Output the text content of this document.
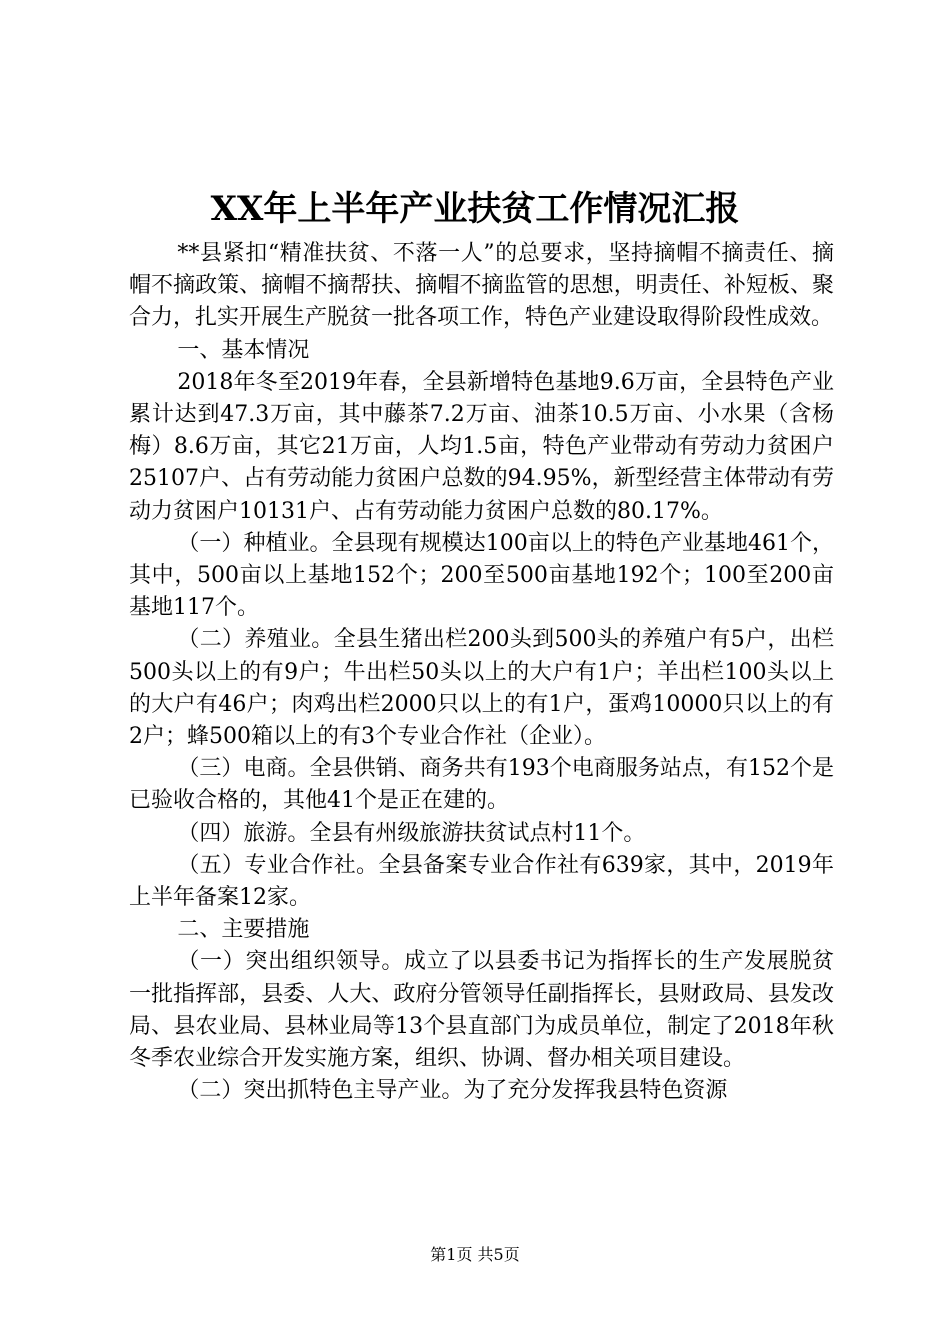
XX年上半年产业扶贫工作情况汇报

**县紧扣“精准扶贫、不落一人”的总要求，坚持摘帽不摘责任、摘帽不摘政策、摘帽不摘帮扶、摘帽不摘监管的思想，明责任、补短板、聚合力，扎实开展生产脱贫一批各项工作，特色产业建设取得阶段性成效。

一、基本情况

2018年冬至2019年春，全县新增特色基地9.6万亩，全县特色产业累计达到47.3万亩，其中藤茶7.2万亩、油茶10.5万亩、小水果（含杨梅）8.6万亩，其它21万亩，人均1.5亩，特色产业带动有劳动力贫困户25107户、占有劳动能力贫困户总数的94.95%，新型经营主体带动有劳动力贫困户10131户、占有劳动能力贫困户总数的80.17%。

（一）种植业。全县现有规模达100亩以上的特色产业基地461个，其中，500亩以上基地152个；200至500亩基地192个；100至200亩基地117个。

（二）养殖业。全县生猪出栏200头到500头的养殖户有5户，出栏500头以上的有9户；牛出栏50头以上的大户有1户；羊出栏100头以上的大户有46户；肉鸡出栏2000只以上的有1户，蛋鸡10000只以上的有2户；蜂500箱以上的有3个专业合作社（企业）。

（三）电商。全县供销、商务共有193个电商服务站点，有152个是已验收合格的，其他41个是正在建的。

（四）旅游。全县有州级旅游扶贫试点村11个。

（五）专业合作社。全县备案专业合作社有639家，其中，2019年上半年备案12家。

二、主要措施

（一）突出组织领导。成立了以县委书记为指挥长的生产发展脱贫一批指挥部，县委、人大、政府分管领导任副指挥长，县财政局、县发改局、县农业局、县林业局等13个县直部门为成员单位，制定了2018年秋冬季农业综合开发实施方案，组织、协调、督办相关项目建设。

（二）突出抓特色主导产业。为了充分发挥我县特色资源

第1页 共5页
